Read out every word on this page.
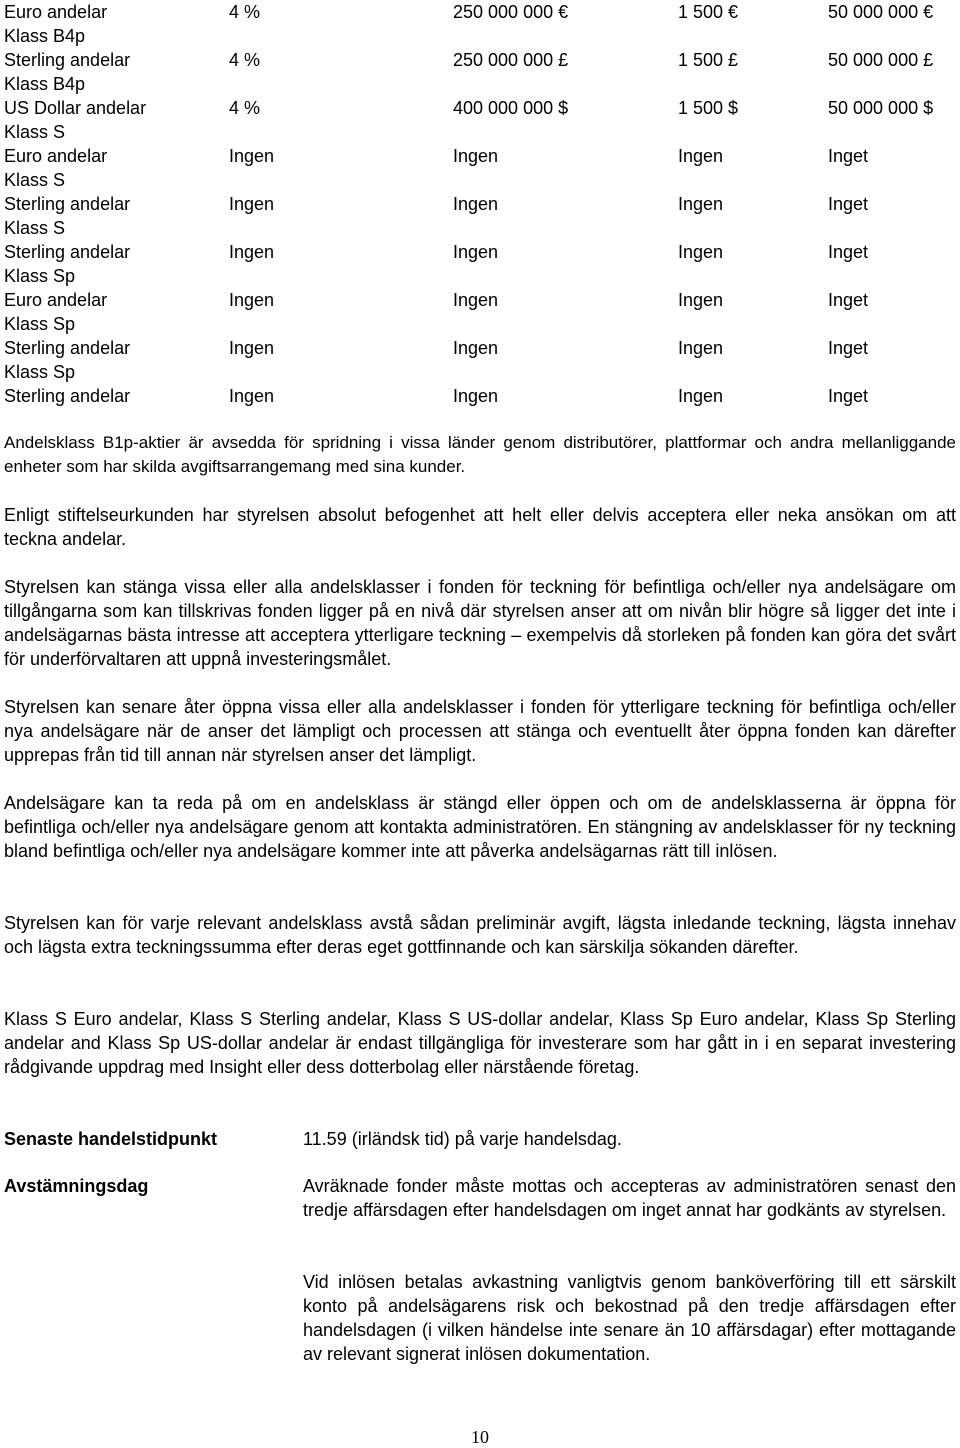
Euro andelar	4 %	250 000 000 €	1 500 €	50 000 000 €
Klass B4p
Sterling andelar	4 %	250 000 000 £	1 500 £	50 000 000 £
Klass B4p
US Dollar andelar	4 %	400 000 000 $	1 500 $	50 000 000 $
Klass S
Euro andelar	Ingen	Ingen	Ingen	Inget
Klass S
Sterling andelar	Ingen	Ingen	Ingen	Inget
Klass S
Sterling andelar	Ingen	Ingen	Ingen	Inget
Klass Sp
Euro andelar	Ingen	Ingen	Ingen	Inget
Klass Sp
Sterling andelar	Ingen	Ingen	Ingen	Inget
Klass Sp
Sterling andelar	Ingen	Ingen	Ingen	Inget

Andelsklass B1p-aktier är avsedda för spridning i vissa länder genom distributörer, plattformar och andra mellanliggande enheter som har skilda avgiftsarrangemang med sina kunder.

Enligt stiftelseurkunden har styrelsen absolut befogenhet att helt eller delvis acceptera eller neka ansökan om att teckna andelar.

Styrelsen kan stänga vissa eller alla andelsklasser i fonden för teckning för befintliga och/eller nya andelsägare om tillgångarna som kan tillskrivas fonden ligger på en nivå där styrelsen anser att om nivån blir högre så ligger det inte i andelsägarnas bästa intresse att acceptera ytterligare teckning – exempelvis då storleken på fonden kan göra det svårt för underförvaltaren att uppnå investeringsmålet.

Styrelsen kan senare åter öppna vissa eller alla andelsklasser i fonden för ytterligare teckning för befintliga och/eller nya andelsägare när de anser det lämpligt och processen att stänga och eventuellt åter öppna fonden kan därefter upprepas från tid till annan när styrelsen anser det lämpligt.

Andelsägare kan ta reda på om en andelsklass är stängd eller öppen och om de andelsklasserna är öppna för befintliga och/eller nya andelsägare genom att kontakta administratören. En stängning av andelsklasser för ny teckning bland befintliga och/eller nya andelsägare kommer inte att påverka andelsägarnas rätt till inlösen.

Styrelsen kan för varje relevant andelsklass avstå sådan preliminär avgift, lägsta inledande teckning, lägsta innehav och lägsta extra teckningssumma efter deras eget gottfinnande och kan särskilja sökanden därefter.

Klass S Euro andelar, Klass S Sterling andelar, Klass S US-dollar andelar, Klass Sp Euro andelar, Klass Sp Sterling andelar and Klass Sp US-dollar andelar är endast tillgängliga för investerare som har gått in i en separat investering rådgivande uppdrag med Insight eller dess dotterbolag eller närstående företag.

Senaste handelstidpunkt	11.59 (irländsk tid) på varje handelsdag.

Avstämningsdag	Avräknade fonder måste mottas och accepteras av administratören senast den tredje affärsdagen efter handelsdagen om inget annat har godkänts av styrelsen.

Vid inlösen betalas avkastning vanligtvis genom banköverföring till ett särskilt konto på andelsägarens risk och bekostnad på den tredje affärsdagen efter handelsdagen (i vilken händelse inte senare än 10 affärsdagar) efter mottagande av relevant signerat inlösen dokumentation.

10
